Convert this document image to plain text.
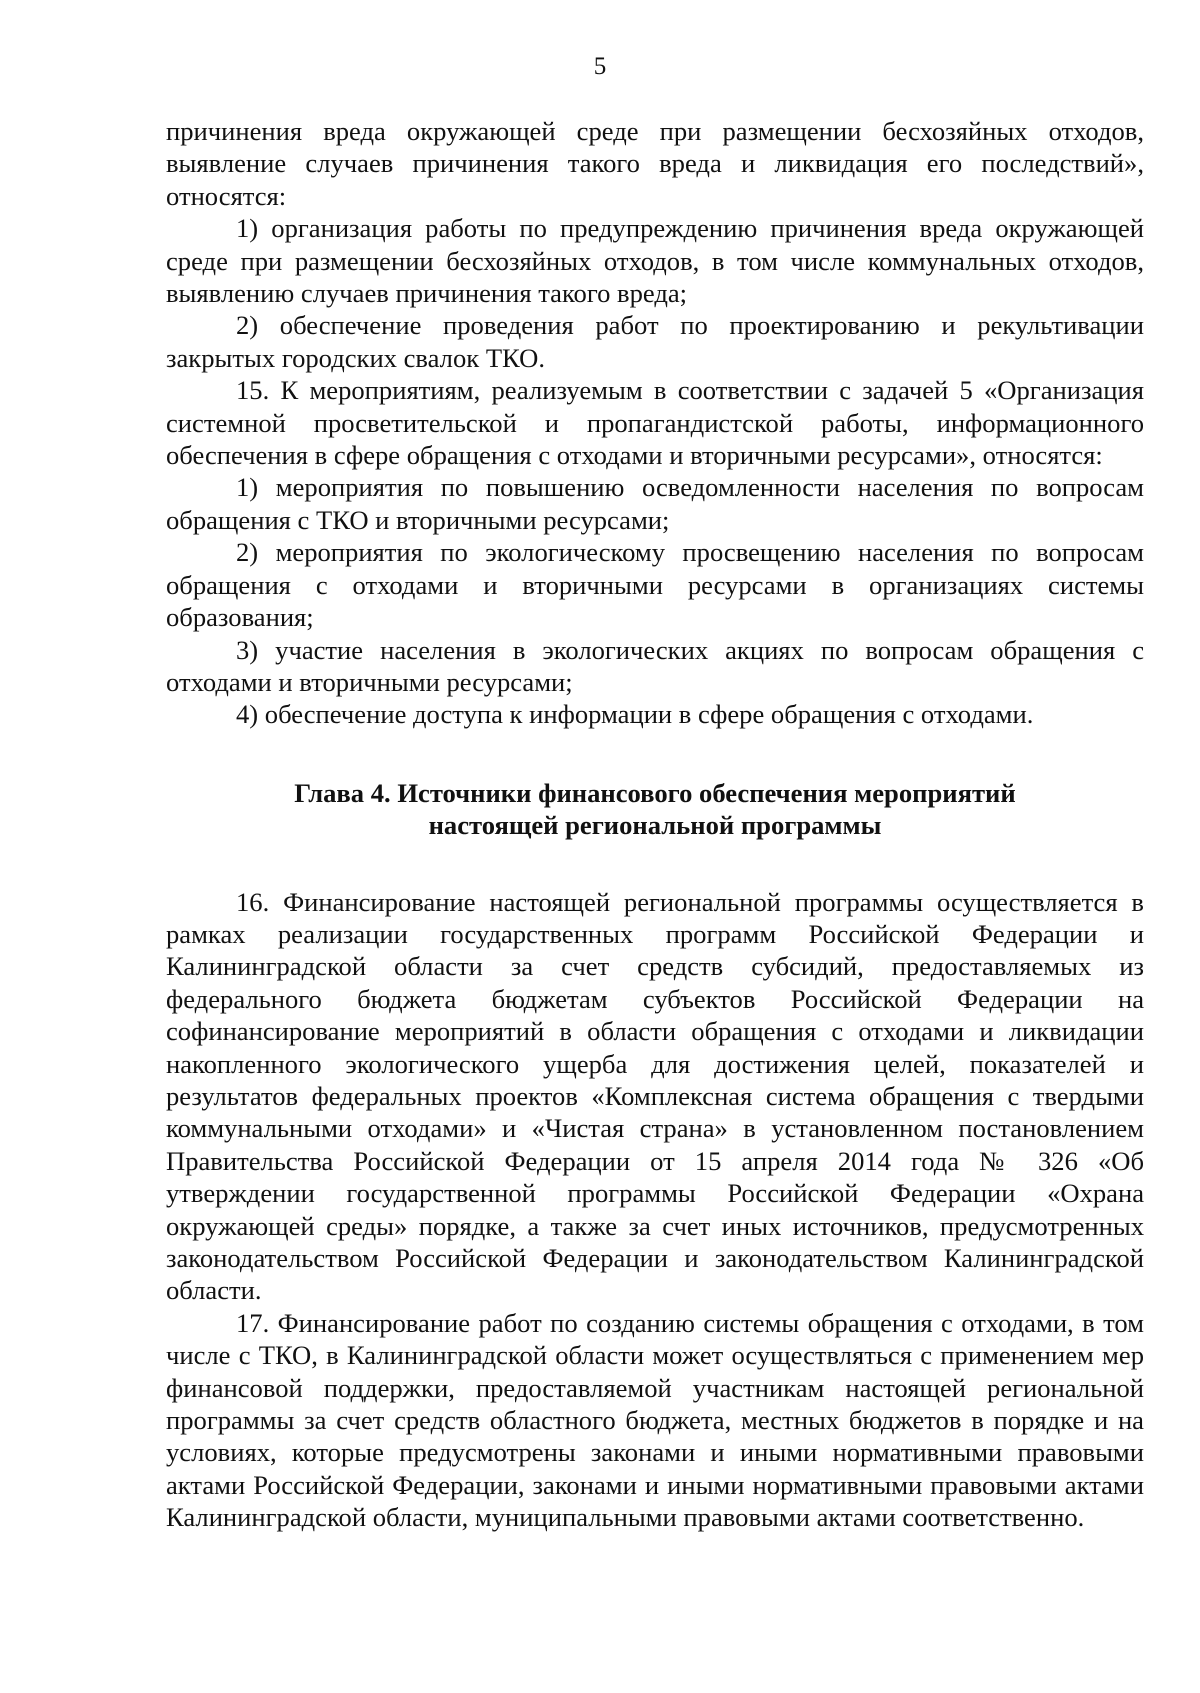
5

причинения вреда окружающей среде при размещении бесхозяйных отходов, выявление случаев причинения такого вреда и ликвидация его последствий», относятся:

1) организация работы по предупреждению причинения вреда окружающей среде при размещении бесхозяйных отходов, в том числе коммунальных отходов, выявлению случаев причинения такого вреда;

2) обеспечение проведения работ по проектированию и рекультивации закрытых городских свалок ТКО.

15. К мероприятиям, реализуемым в соответствии с задачей 5 «Организация системной просветительской и пропагандистской работы, информационного обеспечения в сфере обращения с отходами и вторичными ресурсами», относятся:

1) мероприятия по повышению осведомленности населения по вопросам обращения с ТКО и вторичными ресурсами;

2) мероприятия по экологическому просвещению населения по вопросам обращения с отходами и вторичными ресурсами в организациях системы образования;

3) участие населения в экологических акциях по вопросам обращения с отходами и вторичными ресурсами;

4) обеспечение доступа к информации в сфере обращения с отходами.

Глава 4. Источники финансового обеспечения мероприятий
настоящей региональной программы

16. Финансирование настоящей региональной программы осуществляется в рамках реализации государственных программ Российской Федерации и Калининградской области за счет средств субсидий, предоставляемых из федерального бюджета бюджетам субъектов Российской Федерации на софинансирование мероприятий в области обращения с отходами и ликвидации накопленного экологического ущерба для достижения целей, показателей и результатов федеральных проектов «Комплексная система обращения с твердыми коммунальными отходами» и «Чистая страна» в установленном постановлением Правительства Российской Федерации от 15 апреля 2014 года № 326 «Об утверждении государственной программы Российской Федерации «Охрана окружающей среды» порядке, а также за счет иных источников, предусмотренных законодательством Российской Федерации и законодательством Калининградской области.

17. Финансирование работ по созданию системы обращения с отходами, в том числе с ТКО, в Калининградской области может осуществляться с применением мер финансовой поддержки, предоставляемой участникам настоящей региональной программы за счет средств областного бюджета, местных бюджетов в порядке и на условиях, которые предусмотрены законами и иными нормативными правовыми актами Российской Федерации, законами и иными нормативными правовыми актами Калининградской области, муниципальными правовыми актами соответственно.
